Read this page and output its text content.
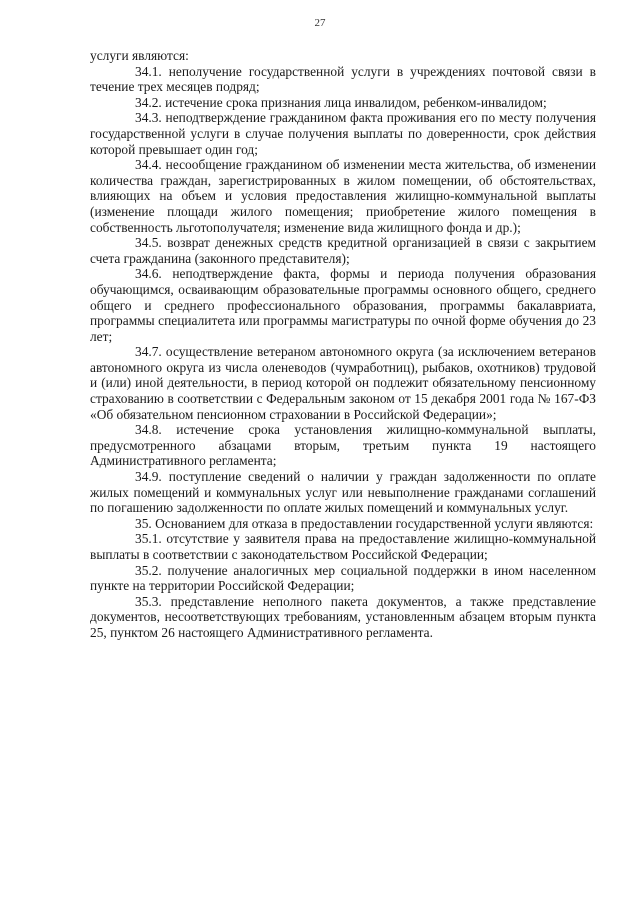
27

услуги являются:

34.1. неполучение государственной услуги в учреждениях почтовой связи в течение трех месяцев подряд;

34.2. истечение срока признания лица инвалидом, ребенком-инвалидом;

34.3. неподтверждение гражданином факта проживания его по месту получения государственной услуги в случае получения выплаты по доверенности, срок действия которой превышает один год;

34.4. несообщение гражданином об изменении места жительства, об изменении количества граждан, зарегистрированных в жилом помещении, об обстоятельствах, влияющих на объем и условия предоставления жилищно-коммунальной выплаты (изменение площади жилого помещения; приобретение жилого помещения в собственность льготополучателя; изменение вида жилищного фонда и др.);

34.5. возврат денежных средств кредитной организацией в связи с закрытием счета гражданина (законного представителя);

34.6. неподтверждение факта, формы и периода получения образования обучающимся, осваивающим образовательные программы основного общего, среднего общего и среднего профессионального образования, программы бакалавриата, программы специалитета или программы магистратуры по очной форме обучения до 23 лет;

34.7. осуществление ветераном автономного округа (за исключением ветеранов автономного округа из числа оленеводов (чумработниц), рыбаков, охотников) трудовой и (или) иной деятельности, в период которой он подлежит обязательному пенсионному страхованию в соответствии с Федеральным законом от 15 декабря 2001 года № 167-ФЗ «Об обязательном пенсионном страховании в Российской Федерации»;

34.8. истечение срока установления жилищно-коммунальной выплаты, предусмотренного абзацами вторым, третьим пункта 19 настоящего Административного регламента;

34.9. поступление сведений о наличии у граждан задолженности по оплате жилых помещений и коммунальных услуг или невыполнение гражданами соглашений по погашению задолженности по оплате жилых помещений и коммунальных услуг.

35. Основанием для отказа в предоставлении государственной услуги являются:

35.1. отсутствие у заявителя права на предоставление жилищно-коммунальной выплаты в соответствии с законодательством Российской Федерации;

35.2. получение аналогичных мер социальной поддержки в ином населенном пункте на территории Российской Федерации;

35.3. представление неполного пакета документов, а также представление документов, несоответствующих требованиям, установленным абзацем вторым пункта 25, пунктом 26 настоящего Административного регламента.
